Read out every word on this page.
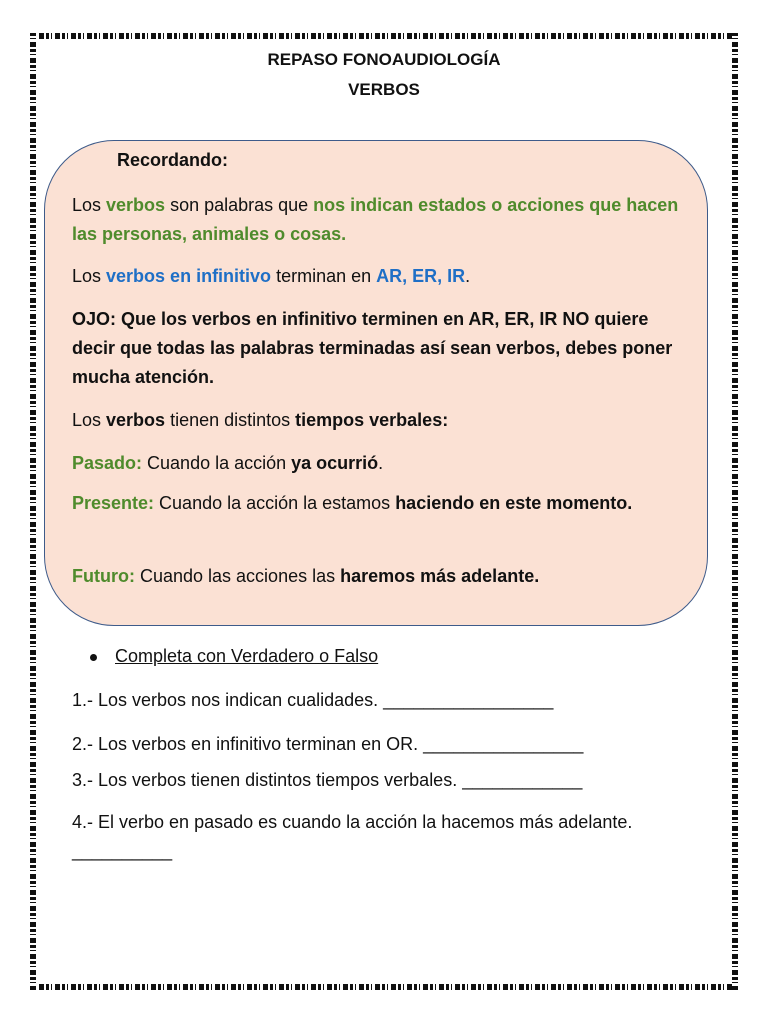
REPASO FONOAUDIOLOGÍA
VERBOS
Recordando:
Los verbos son palabras que nos indican estados o acciones que hacen las personas, animales o cosas.
Los verbos en infinitivo terminan en AR, ER, IR.
OJO: Que los verbos en infinitivo terminen en AR, ER, IR NO quiere decir que todas las palabras terminadas así sean verbos, debes poner mucha atención.
Los verbos tienen distintos tiempos verbales:
Pasado: Cuando la acción ya ocurrió.
Presente: Cuando la acción la estamos haciendo en este momento.
Futuro: Cuando las acciones las haremos más adelante.
Completa con Verdadero o Falso
1.- Los verbos nos indican cualidades. _________________
2.- Los verbos en infinitivo terminan en OR. ________________
3.- Los verbos tienen distintos tiempos verbales. ____________
4.- El verbo en pasado es cuando la acción la hacemos más adelante. __________
